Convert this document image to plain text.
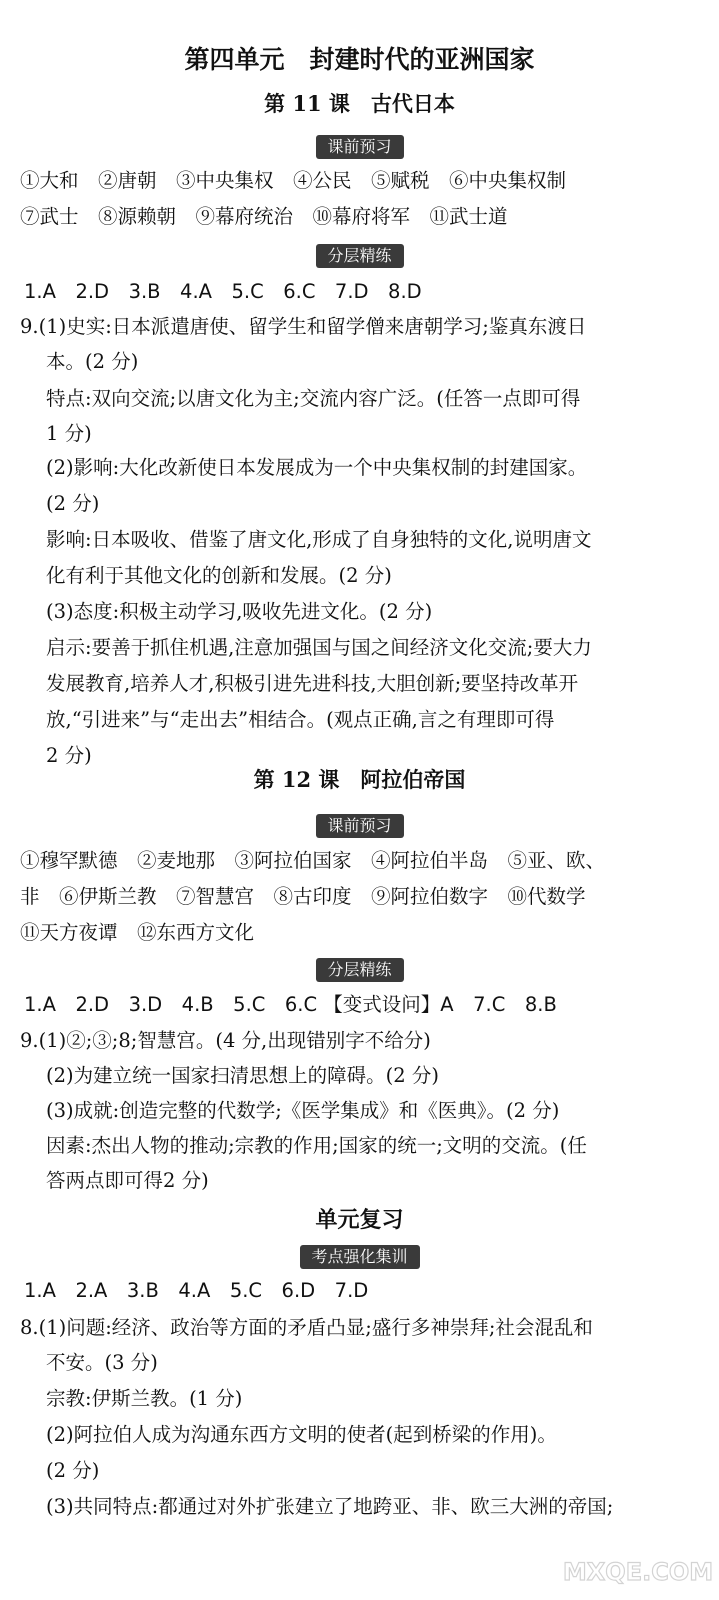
第四单元　封建时代的亚洲国家
第 11 课　古代日本
课前预习
①大和　②唐朝　③中央集权　④公民　⑤赋税　⑥中央集权制
⑦武士　⑧源赖朝　⑨幕府统治　⑩幕府将军　⑪武士道
分层精练
1.A　2.D　3.B　4.A　5.C　6.C　7.D　8.D
9.(1)史实:日本派遣唐使、留学生和留学僧来唐朝学习;鉴真东渡日
本。(2 分)
特点:双向交流;以唐文化为主;交流内容广泛。(任答一点即可得
1 分)
(2)影响:大化改新使日本发展成为一个中央集权制的封建国家。
(2 分)
影响:日本吸收、借鉴了唐文化,形成了自身独特的文化,说明唐文
化有利于其他文化的创新和发展。(2 分)
(3)态度:积极主动学习,吸收先进文化。(2 分)
启示:要善于抓住机遇,注意加强国与国之间经济文化交流;要大力
发展教育,培养人才,积极引进先进科技,大胆创新;要坚持改革开
放,“引进来”与“走出去”相结合。(观点正确,言之有理即可得
2 分)
第 12 课　阿拉伯帝国
课前预习
①穆罕默德　②麦地那　③阿拉伯国家　④阿拉伯半岛　⑤亚、欧、
非　⑥伊斯兰教　⑦智慧宫　⑧古印度　⑨阿拉伯数字　⑩代数学
⑪天方夜谭　⑫东西方文化
分层精练
1.A　2.D　3.D　4.B　5.C　6.C 【变式设问】A　7.C　8.B
9.(1)②;③;8;智慧宫。(4 分,出现错别字不给分)
(2)为建立统一国家扫清思想上的障碍。(2 分)
(3)成就:创造完整的代数学;《医学集成》和《医典》。(2 分)
因素:杰出人物的推动;宗教的作用;国家的统一;文明的交流。(任
答两点即可得2 分)
单元复习
考点强化集训
1.A　2.A　3.B　4.A　5.C　6.D　7.D
8.(1)问题:经济、政治等方面的矛盾凸显;盛行多神崇拜;社会混乱和
不安。(3 分)
宗教:伊斯兰教。(1 分)
(2)阿拉伯人成为沟通东西方文明的使者(起到桥梁的作用)。
(2 分)
(3)共同特点:都通过对外扩张建立了地跨亚、非、欧三大洲的帝国;
MXQE.COM
